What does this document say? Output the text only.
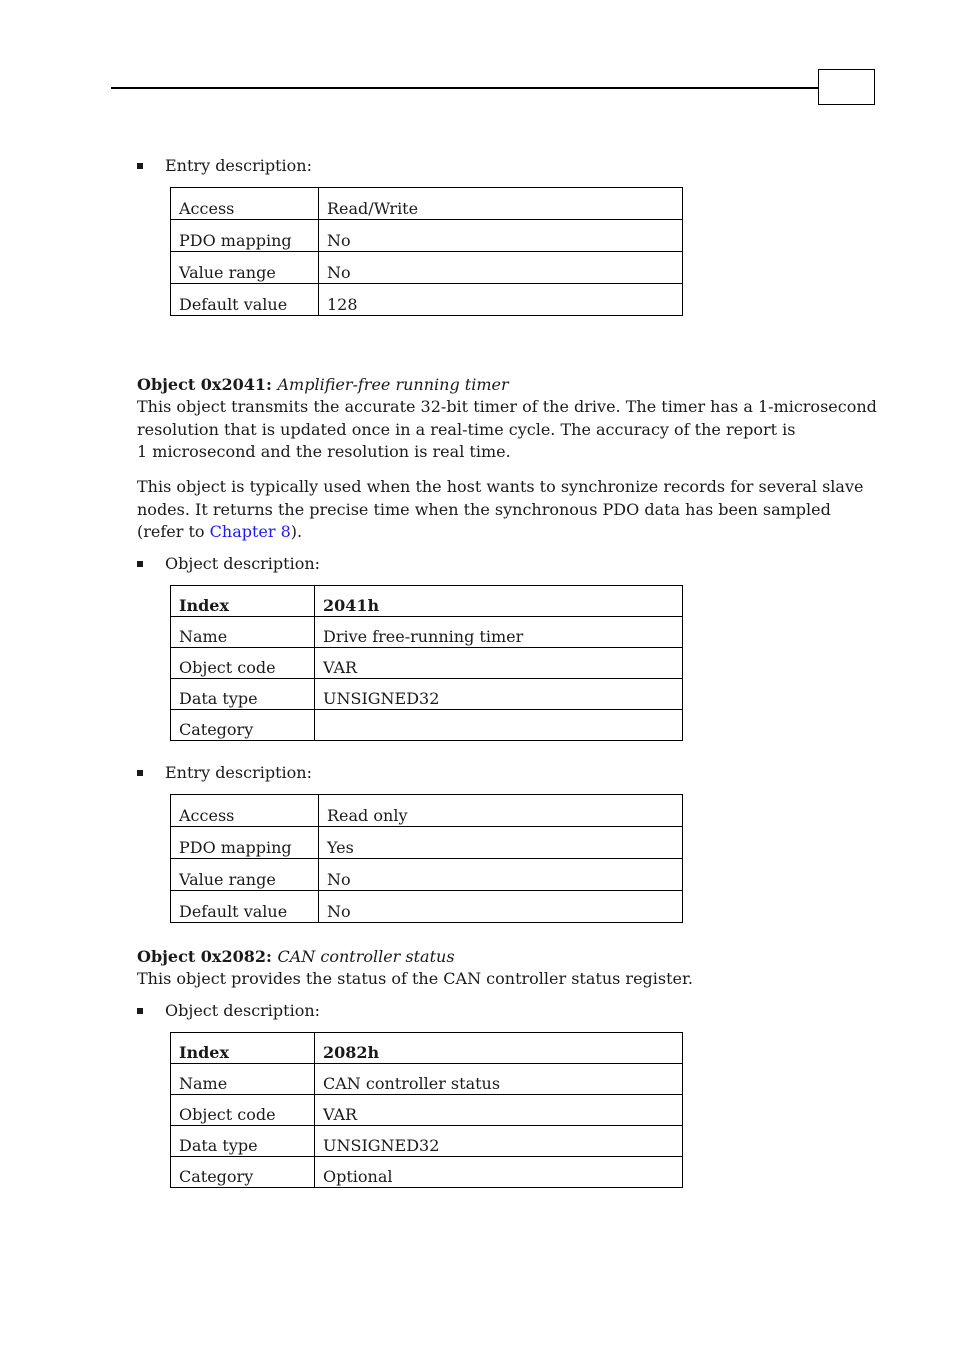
Entry description:
Access	Read/Write
PDO mapping	No
Value range	No
Default value	128
Object 0x2041: Amplifier-free running timer
This object transmits the accurate 32-bit timer of the drive. The timer has a 1-microsecond
resolution that is updated once in a real-time cycle. The accuracy of the report is
1 microsecond and the resolution is real time.
This object is typically used when the host wants to synchronize records for several slave
nodes. It returns the precise time when the synchronous PDO data has been sampled
(refer to Chapter 8).
Object description:
Index	2041h
Name	Drive free-running timer
Object code	VAR
Data type	UNSIGNED32
Category	
Entry description:
Access	Read only
PDO mapping	Yes
Value range	No
Default value	No
Object 0x2082: CAN controller status
This object provides the status of the CAN controller status register.
Object description:
Index	2082h
Name	CAN controller status
Object code	VAR
Data type	UNSIGNED32
Category	Optional
